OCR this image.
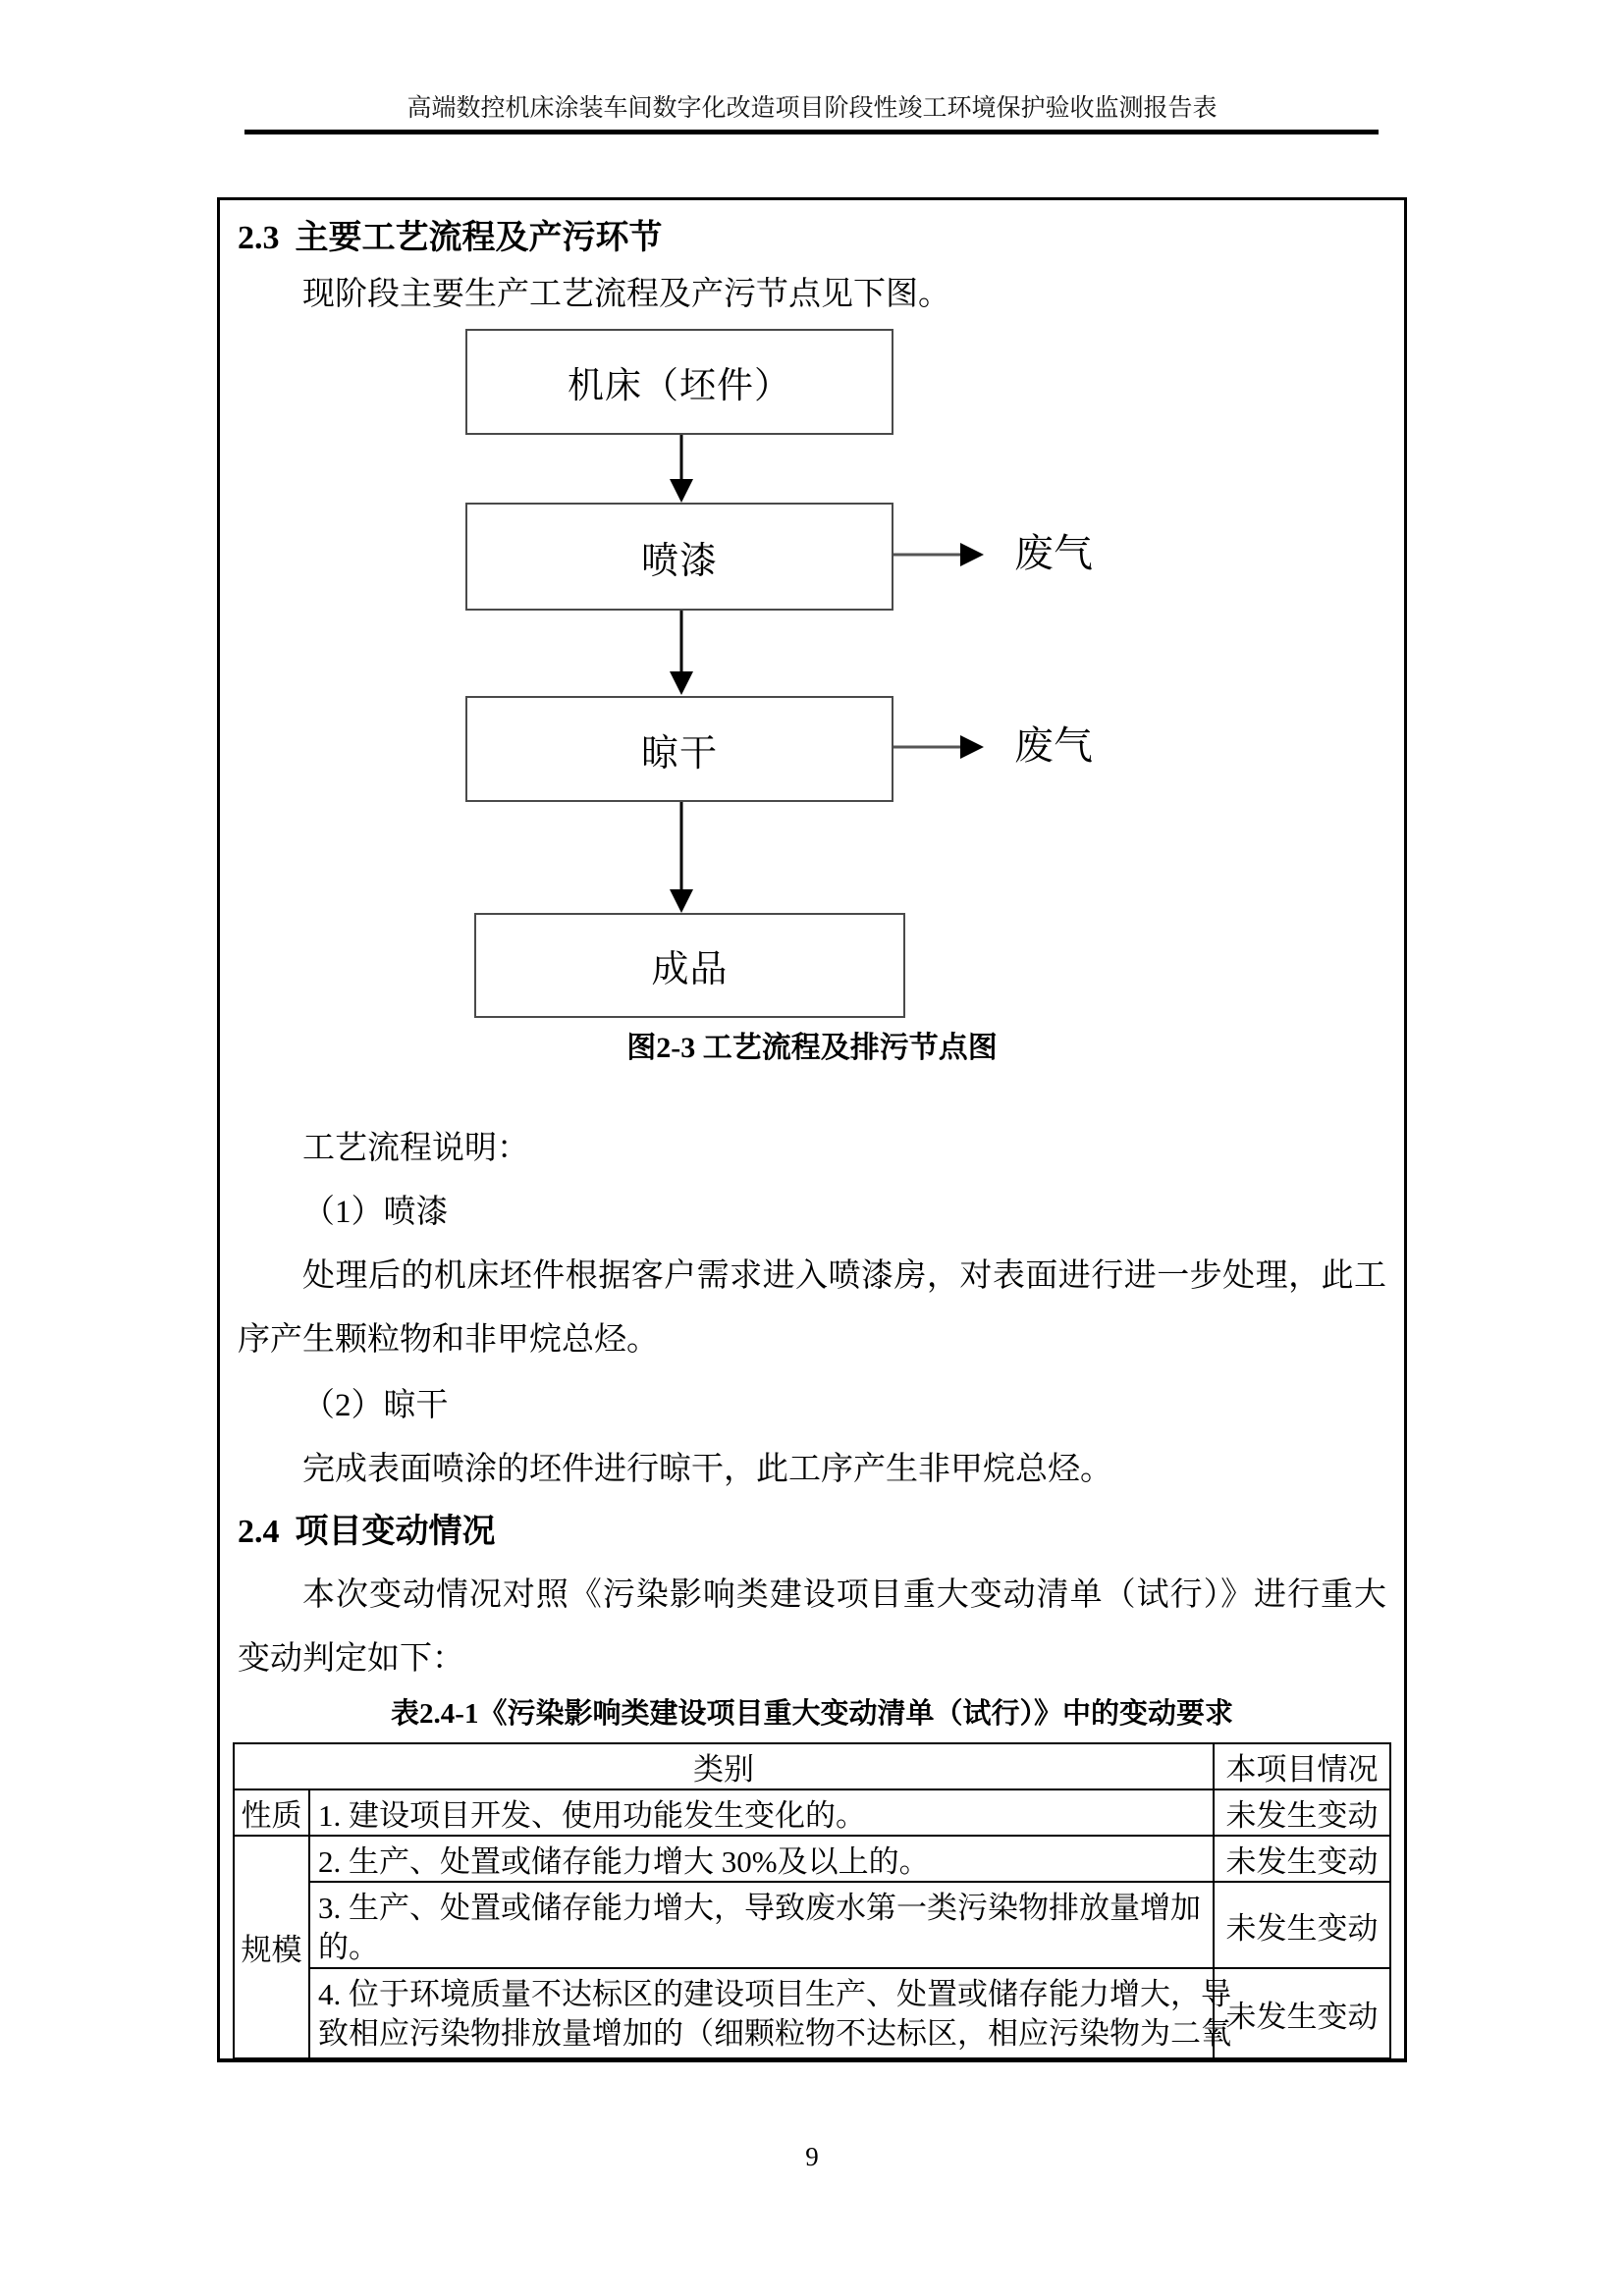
高端数控机床涂装车间数字化改造项目阶段性竣工环境保护验收监测报告表
2.3 主要工艺流程及产污环节
现阶段主要生产工艺流程及产污节点见下图。
机床（坯件）
喷漆
晾干
成品
废气
废气
图2-3 工艺流程及排污节点图
工艺流程说明：
（1）喷漆
处理后的机床坯件根据客户需求进入喷漆房，对表面进行进一步处理，此工
序产生颗粒物和非甲烷总烃。
（2）晾干
完成表面喷涂的坯件进行晾干，此工序产生非甲烷总烃。
2.4 项目变动情况
本次变动情况对照《污染影响类建设项目重大变动清单（试行）》进行重大
变动判定如下：
表2.4-1《污染影响类建设项目重大变动清单（试行）》中的变动要求
类别		本项目情况
性质	1. 建设项目开发、使用功能发生变化的。	未发生变动
规模	2. 生产、处置或储存能力增大 30%及以上的。	未发生变动

	3. 生产、处置或储存能力增大，导致废水第一类污染物排放量增加
的。	未发生变动

	4. 位于环境质量不达标区的建设项目生产、处置或储存能力增大，导
致相应污染物排放量增加的（细颗粒物不达标区，相应污染物为二氧	未发生变动
9
